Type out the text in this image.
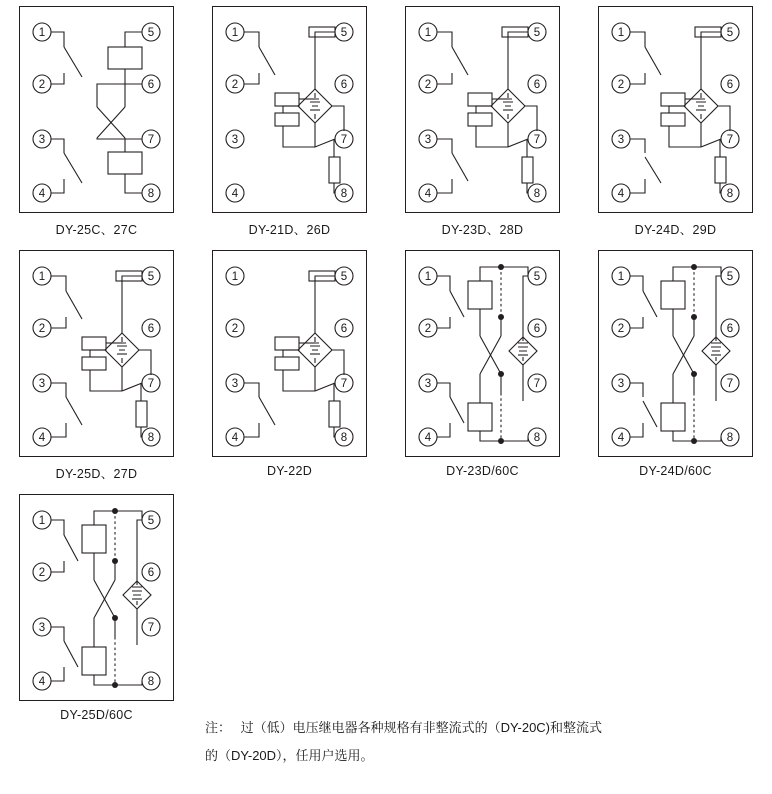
1
2
3
4
5
6
7
8
DY-25C、27C
1
2
3
4
5
6
7
8
DY-21D、26D
1
2
3
4
5
6
7
8
DY-23D、28D
1
2
3
4
5
6
7
8
DY-24D、29D
1
2
3
4
5
6
7
8
DY-25D、27D
1
2
3
4
5
6
7
8
DY-22D
1
2
3
4
5
6
7
8
DY-23D/60C
1
2
3
4
5
6
7
8
DY-24D/60C
1
2
3
4
5
6
7
8
DY-25D/60C
注： 过（低）电压继电器各种规格有非整流式的（DY-20C)和整流式
的（DY-20D），任用户选用。
